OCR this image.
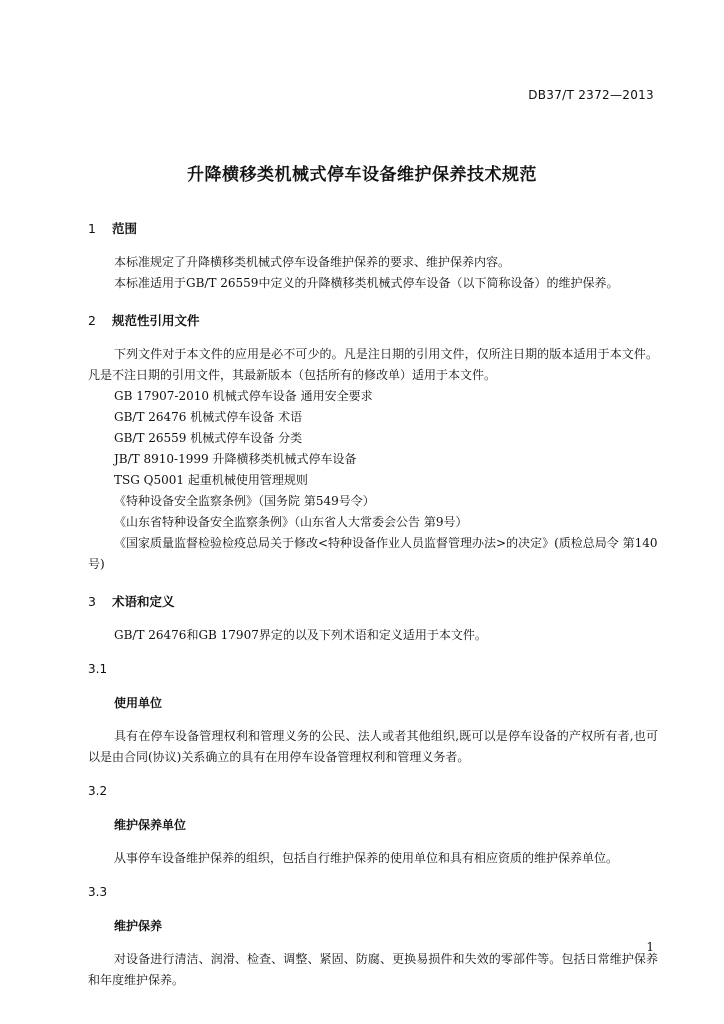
DB37/T 2372—2013
升降横移类机械式停车设备维护保养技术规范
1 范围

本标准规定了升降横移类机械式停车设备维护保养的要求、维护保养内容。

本标准适用于GB/T 26559中定义的升降横移类机械式停车设备（以下简称设备）的维护保养。

2 规范性引用文件

下列文件对于本文件的应用是必不可少的。凡是注日期的引用文件，仅所注日期的版本适用于本文件。凡是不注日期的引用文件，其最新版本（包括所有的修改单）适用于本文件。

GB 17907-2010 机械式停车设备 通用安全要求

GB/T 26476 机械式停车设备 术语

GB/T 26559 机械式停车设备 分类

JB/T 8910-1999 升降横移类机械式停车设备

TSG Q5001 起重机械使用管理规则

《特种设备安全监察条例》（国务院 第549号令）

《山东省特种设备安全监察条例》（山东省人大常委会公告 第9号）

《国家质量监督检验检疫总局关于修改<特种设备作业人员监督管理办法>的决定》(质检总局令 第140号)

3 术语和定义

GB/T 26476和GB 17907界定的以及下列术语和定义适用于本文件。

3.1
使用单位

具有在停车设备管理权利和管理义务的公民、法人或者其他组织,既可以是停车设备的产权所有者,也可以是由合同(协议)关系确立的具有在用停车设备管理权利和管理义务者。

3.2
维护保养单位

从事停车设备维护保养的组织，包括自行维护保养的使用单位和具有相应资质的维护保养单位。

3.3
维护保养

对设备进行清洁、润滑、检查、调整、紧固、防腐、更换易损件和失效的零部件等。包括日常维护保养和年度维护保养。

1
